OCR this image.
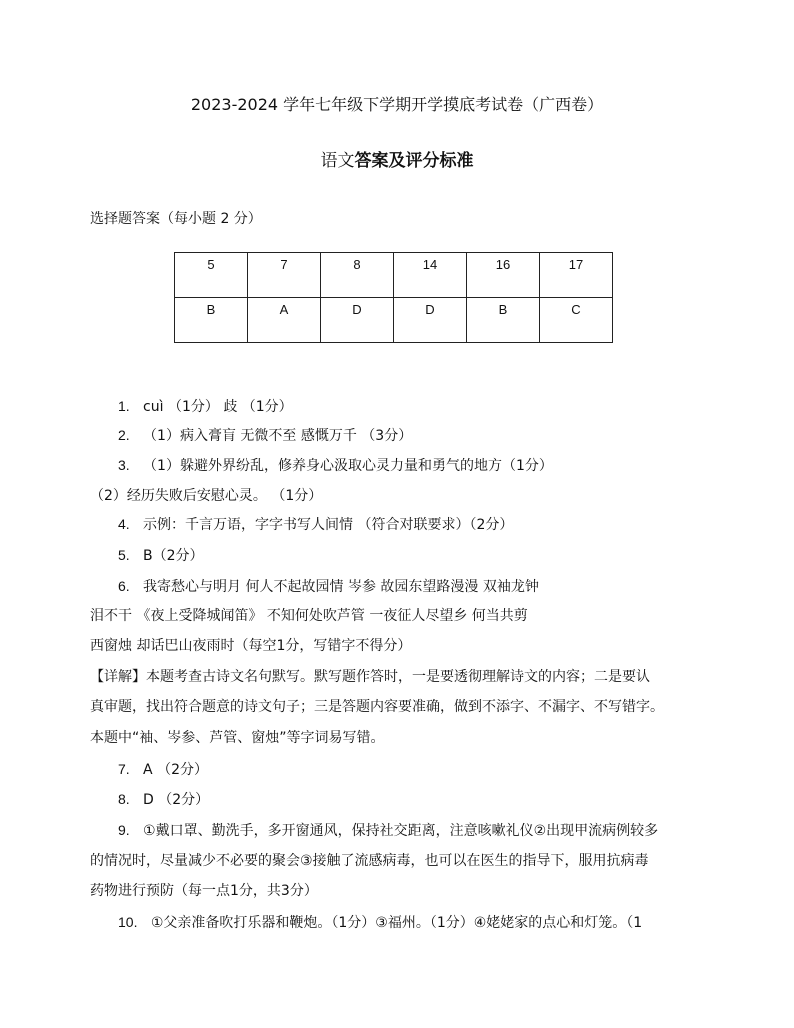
2023-2024 学年七年级下学期开学摸底考试卷（广西卷）
语文答案及评分标准
选择题答案（每小题 2 分）
5	7	8	14	16	17
B	A	D	D	B	C
1. cuì （1分） 歧 （1分）
2. （1）病入膏肓 无微不至 感慨万千 （3分）
3. （1）躲避外界纷乱，修养身心汲取心灵力量和勇气的地方（1分）
（2）经历失败后安慰心灵。 （1分）
4. 示例：千言万语，字字书写人间情 （符合对联要求）（2分）
5. B（2分）
6. 我寄愁心与明月 何人不起故园情 岑参 故园东望路漫漫 双袖龙钟
泪不干 《夜上受降城闻笛》 不知何处吹芦管 一夜征人尽望乡 何当共剪
西窗烛 却话巴山夜雨时（每空1分，写错字不得分）
【详解】本题考查古诗文名句默写。默写题作答时，一是要透彻理解诗文的内容；二是要认
真审题，找出符合题意的诗文句子；三是答题内容要准确，做到不添字、不漏字、不写错字。
本题中“袖、岑参、芦管、窗烛”等字词易写错。
7. A （2分）
8. D （2分）
9. ①戴口罩、勤洗手，多开窗通风，保持社交距离，注意咳嗽礼仪②出现甲流病例较多
的情况时，尽量减少不必要的聚会③接触了流感病毒，也可以在医生的指导下，服用抗病毒
药物进行预防（每一点1分，共3分）
10. ①父亲准备吹打乐器和鞭炮。（1分）③福州。（1分）④姥姥家的点心和灯笼。（1
